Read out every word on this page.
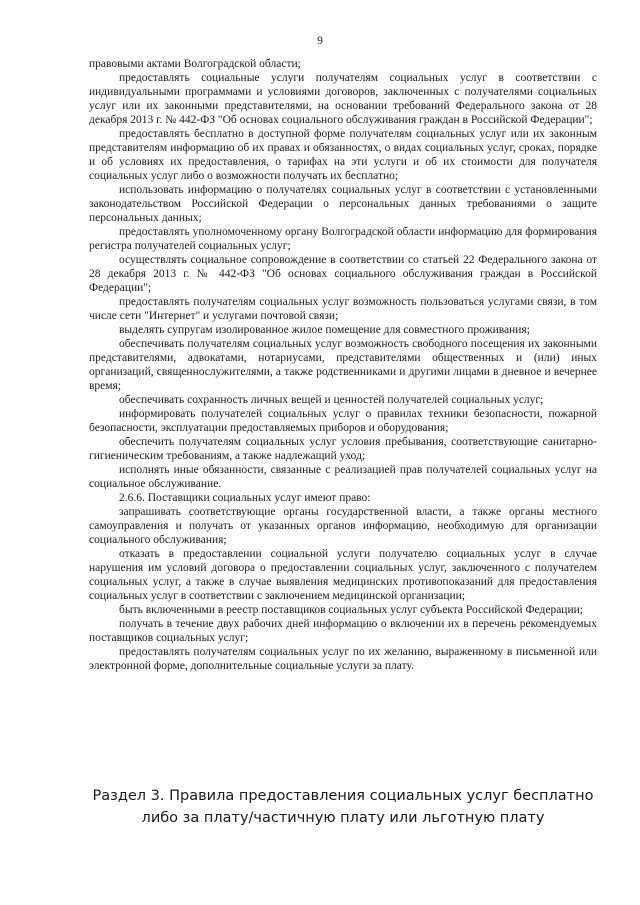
9

правовыми актами Волгоградской области;

предоставлять социальные услуги получателям социальных услуг в соответствии с индивидуальными программами и условиями договоров, заключенных с получателями социальных услуг или их законными представителями, на основании требований Федерального закона от 28 декабря 2013 г. № 442-ФЗ "Об основах социального обслуживания граждан в Российской Федерации";

предоставлять бесплатно в доступной форме получателям социальных услуг или их законным представителям информацию об их правах и обязанностях, о видах социальных услуг, сроках, порядке и об условиях их предоставления, о тарифах на эти услуги и об их стоимости для получателя социальных услуг либо о возможности получать их бесплатно;

использовать информацию о получателях социальных услуг в соответствии с установленными законодательством Российской Федерации о персональных данных требованиями о защите персональных данных;

предоставлять уполномоченному органу Волгоградской области информацию для формирования регистра получателей социальных услуг;

осуществлять социальное сопровождение в соответствии со статьей 22 Федерального закона от 28 декабря 2013 г. № 442-ФЗ "Об основах социального обслуживания граждан в Российской Федерации";

предоставлять получателям социальных услуг возможность пользоваться услугами связи, в том числе сети "Интернет" и услугами почтовой связи;

выделять супругам изолированное жилое помещение для совместного проживания;

обеспечивать получателям социальных услуг возможность свободного посещения их законными представителями, адвокатами, нотариусами, представителями общественных и (или) иных организаций, священнослужителями, а также родственниками и другими лицами в дневное и вечернее время;

обеспечивать сохранность личных вещей и ценностей получателей социальных услуг;

информировать получателей социальных услуг о правилах техники безопасности, пожарной безопасности, эксплуатации предоставляемых приборов и оборудования;

обеспечить получателям социальных услуг условия пребывания, соответствующие санитарно-гигиеническим требованиям, а также надлежащий уход;

исполнять иные обязанности, связанные с реализацией прав получателей социальных услуг на социальное обслуживание.

2.6.6. Поставщики социальных услуг имеют право:

запрашивать соответствующие органы государственной власти, а также органы местного самоуправления и получать от указанных органов информацию, необходимую для организации социального обслуживания;

отказать в предоставлении социальной услуги получателю социальных услуг в случае нарушения им условий договора о предоставлении социальных услуг, заключенного с получателем социальных услуг, а также в случае выявления медицинских противопоказаний для предоставления социальных услуг в соответствии с заключением медицинской организации;

быть включенными в реестр поставщиков социальных услуг субъекта Российской Федерации;

получать в течение двух рабочих дней информацию о включении их в перечень рекомендуемых поставщиков социальных услуг;

предоставлять получателям социальных услуг по их желанию, выраженному в письменной или электронной форме, дополнительные социальные услуги за плату.

Раздел 3. Правила предоставления социальных услуг бесплатно
либо за плату/частичную плату или льготную плату
